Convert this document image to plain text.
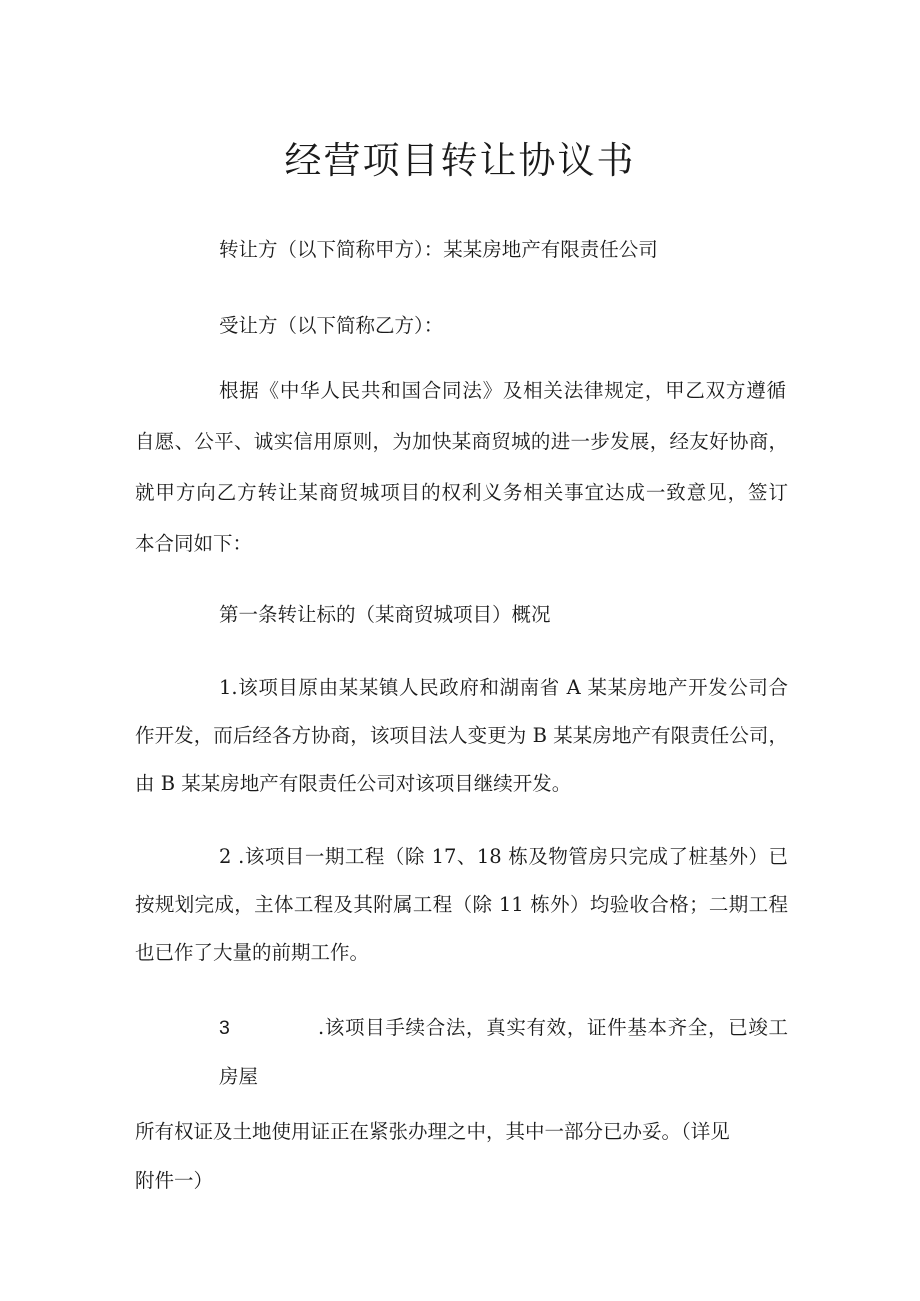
经营项目转让协议书

转让方（以下简称甲方）：某某房地产有限责任公司

受让方（以下简称乙方）：

根据《中华人民共和国合同法》及相关法律规定，甲乙双方遵循

自愿、公平、诚实信用原则，为加快某商贸城的进一步发展，经友好协商，

就甲方向乙方转让某商贸城项目的权利义务相关事宜达成一致意见，签订

本合同如下：

第一条转让标的（某商贸城项目）概况

1.该项目原由某某镇人民政府和湖南省 A 某某房地产开发公司合

作开发，而后经各方协商，该项目法人变更为 B 某某房地产有限责任公司，

由 B 某某房地产有限责任公司对该项目继续开发。

2 .该项目一期工程（除 17、18 栋及物管房只完成了桩基外）已

按规划完成，主体工程及其附属工程（除 11 栋外）均验收合格；二期工程

也已作了大量的前期工作。

3	.该项目手续合法，真实有效，证件基本齐全，已竣工

房屋

所有权证及土地使用证正在紧张办理之中，其中一部分已办妥。（详见

附件一）
